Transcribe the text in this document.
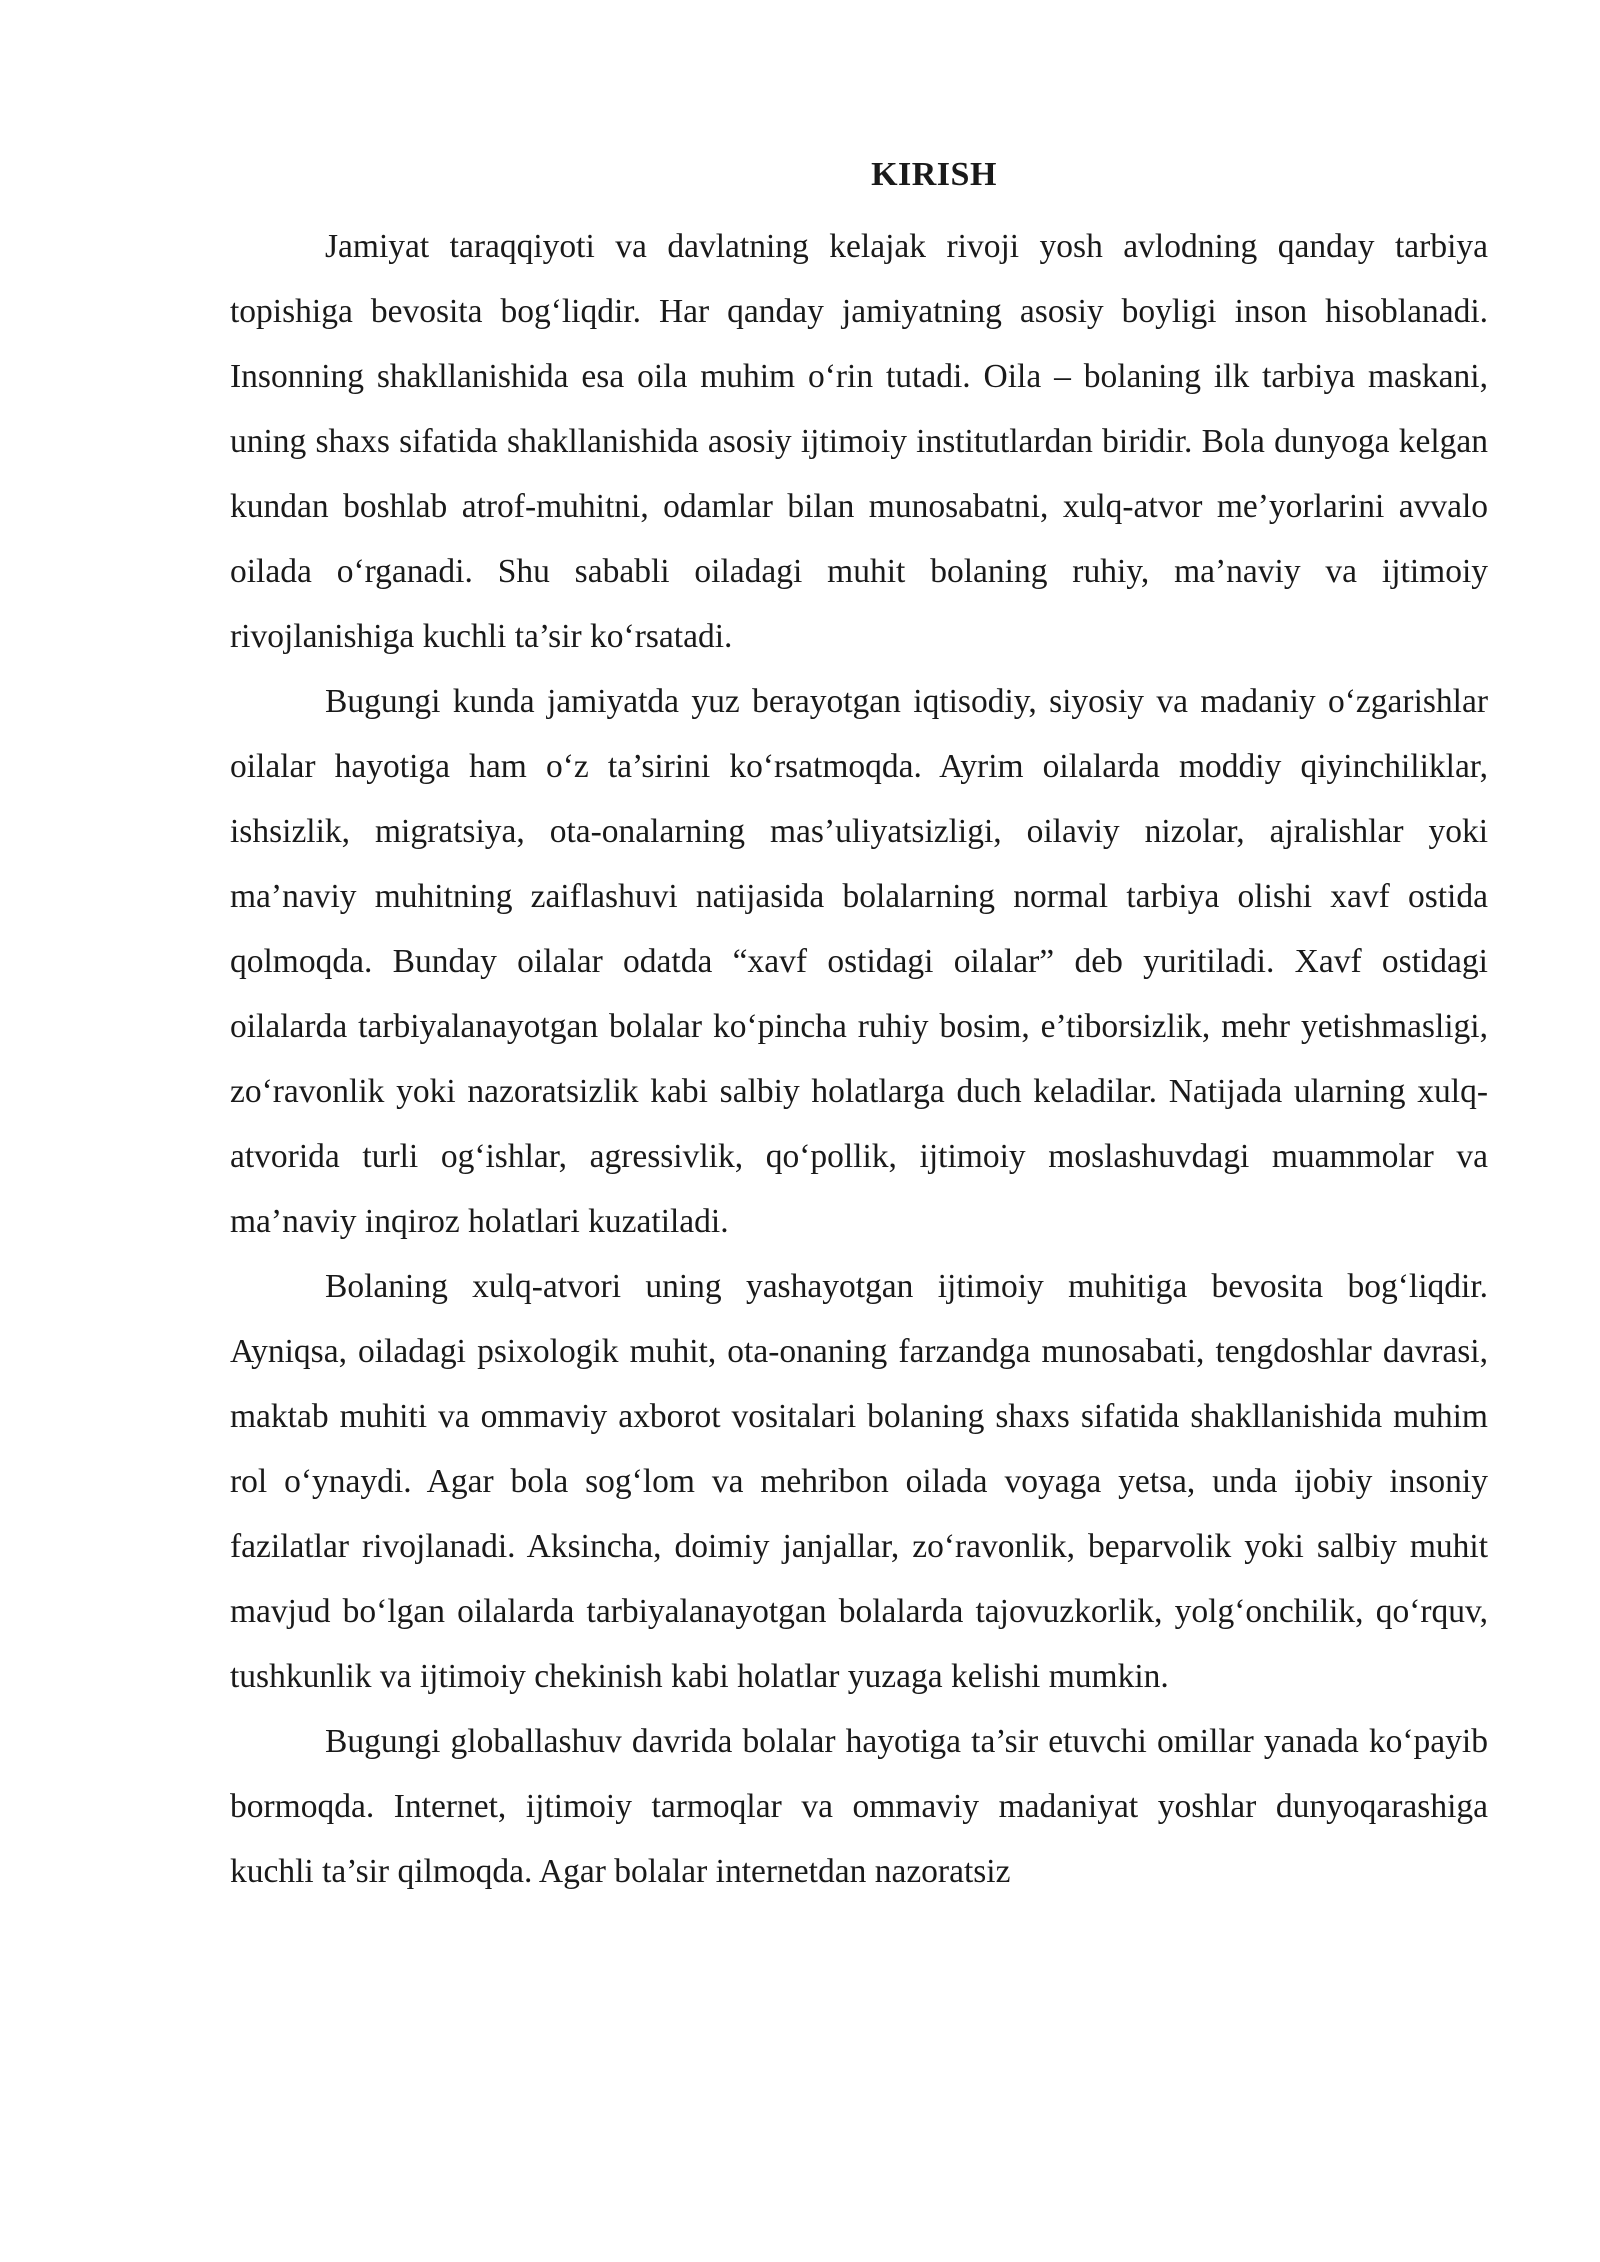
KIRISH

Jamiyat taraqqiyoti va davlatning kelajak rivoji yosh avlodning qanday tarbiya topishiga bevosita bog‘liqdir. Har qanday jamiyatning asosiy boyligi inson hisoblanadi. Insonning shakllanishida esa oila muhim o‘rin tutadi. Oila – bolaning ilk tarbiya maskani, uning shaxs sifatida shakllanishida asosiy ijtimoiy institutlardan biridir. Bola dunyoga kelgan kundan boshlab atrof-muhitni, odamlar bilan munosabatni, xulq-atvor me’yorlarini avvalo oilada o‘rganadi. Shu sababli oiladagi muhit bolaning ruhiy, ma’naviy va ijtimoiy rivojlanishiga kuchli ta’sir ko‘rsatadi.

Bugungi kunda jamiyatda yuz berayotgan iqtisodiy, siyosiy va madaniy o‘zgarishlar oilalar hayotiga ham o‘z ta’sirini ko‘rsatmoqda. Ayrim oilalarda moddiy qiyinchiliklar, ishsizlik, migratsiya, ota-onalarning mas’uliyatsizligi, oilaviy nizolar, ajralishlar yoki ma’naviy muhitning zaiflashuvi natijasida bolalarning normal tarbiya olishi xavf ostida qolmoqda. Bunday oilalar odatda “xavf ostidagi oilalar” deb yuritiladi. Xavf ostidagi oilalarda tarbiyalanayotgan bolalar ko‘pincha ruhiy bosim, e’tiborsizlik, mehr yetishmasligi, zo‘ravonlik yoki nazoratsizlik kabi salbiy holatlarga duch keladilar. Natijada ularning xulq-atvorida turli og‘ishlar, agressivlik, qo‘pollik, ijtimoiy moslashuvdagi muammolar va ma’naviy inqiroz holatlari kuzatiladi.

Bolaning xulq-atvori uning yashayotgan ijtimoiy muhitiga bevosita bog‘liqdir. Ayniqsa, oiladagi psixologik muhit, ota-onaning farzandga munosabati, tengdoshlar davrasi, maktab muhiti va ommaviy axborot vositalari bolaning shaxs sifatida shakllanishida muhim rol o‘ynaydi. Agar bola sog‘lom va mehribon oilada voyaga yetsa, unda ijobiy insoniy fazilatlar rivojlanadi. Aksincha, doimiy janjallar, zo‘ravonlik, beparvolik yoki salbiy muhit mavjud bo‘lgan oilalarda tarbiyalanayotgan bolalarda tajovuzkorlik, yolg‘onchilik, qo‘rquv, tushkunlik va ijtimoiy chekinish kabi holatlar yuzaga kelishi mumkin.

Bugungi globallashuv davrida bolalar hayotiga ta’sir etuvchi omillar yanada ko‘payib bormoqda. Internet, ijtimoiy tarmoqlar va ommaviy madaniyat yoshlar dunyoqarashiga kuchli ta’sir qilmoqda. Agar bolalar internetdan nazoratsiz
